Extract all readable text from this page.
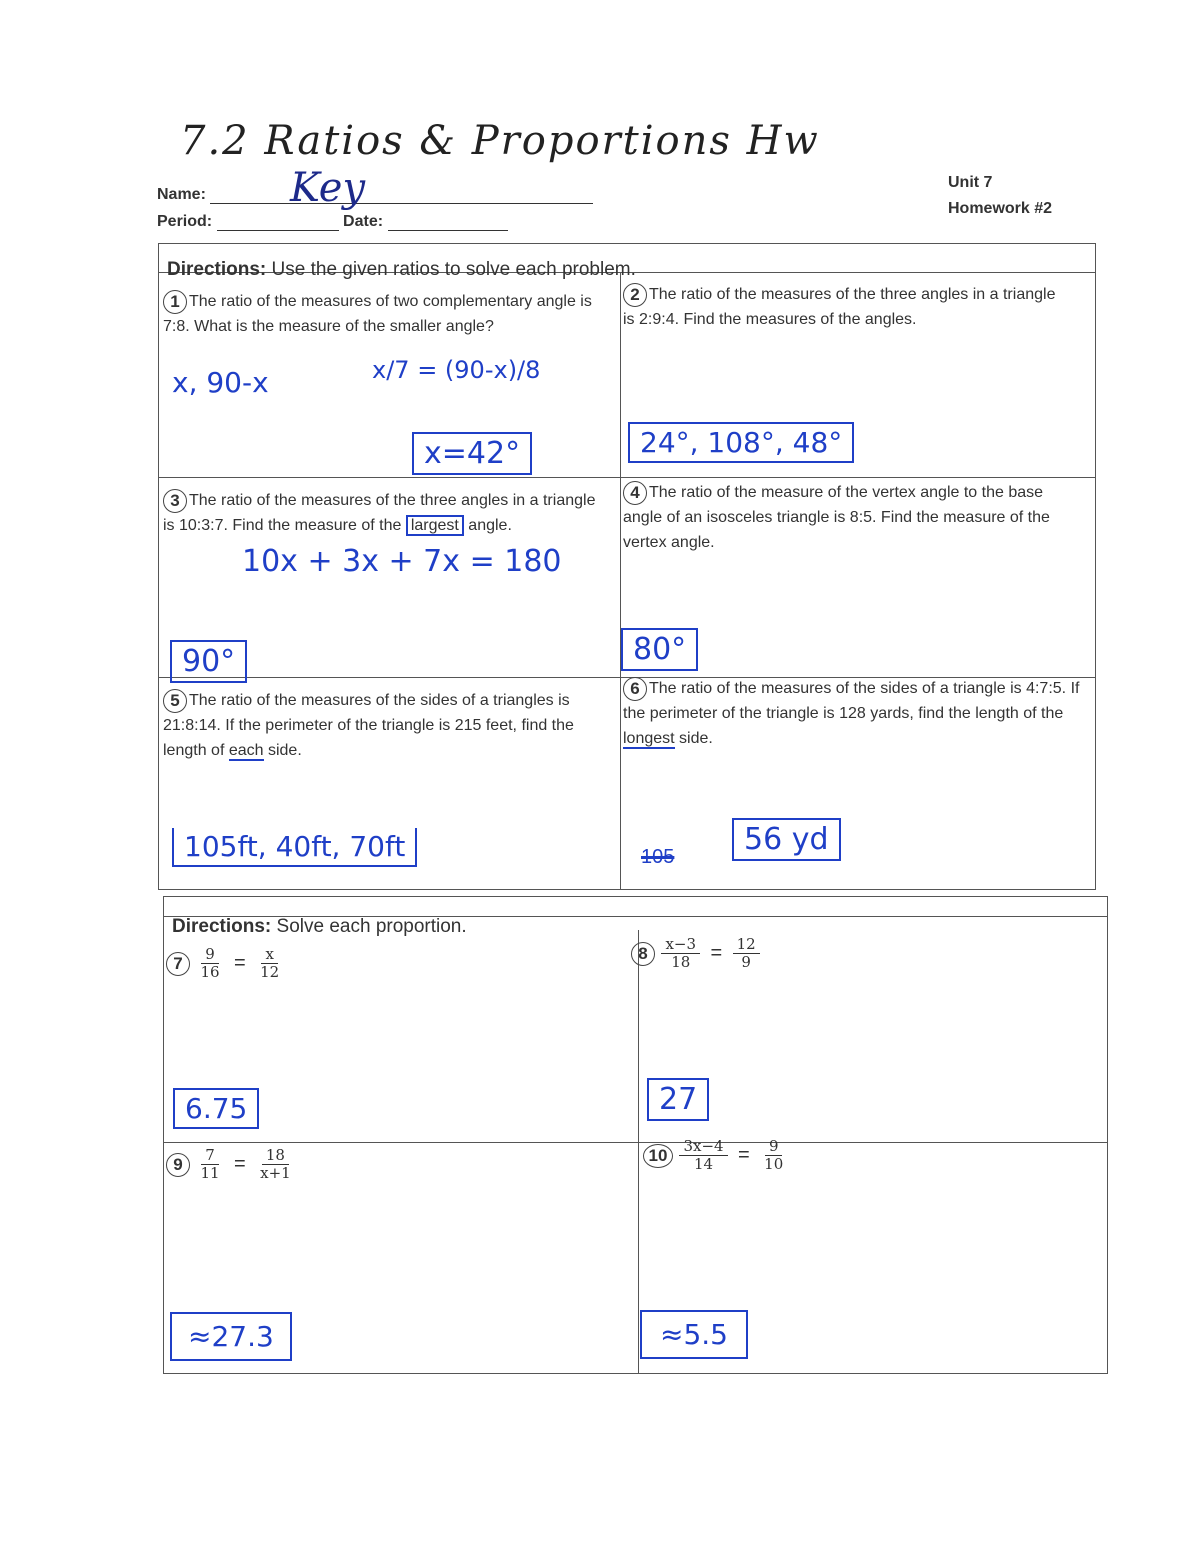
7.2 Ratios & Proportions Hw
Name:	Key
Period:	Date:
Unit 7
Homework #2
Directions: Use the given ratios to solve each problem.
1 The ratio of the measures of two complementary angle is 7:8. What is the measure of the smaller angle?
x, 90-x	x/7 = (90-x)/8
x=42°
2 The ratio of the measures of the three angles in a triangle is 2:9:4. Find the measures of the angles.
24°, 108°, 48°
3 The ratio of the measures of the three angles in a triangle is 10:3:7. Find the measure of the largest angle.
10x + 3x + 7x = 180
90°
4 The ratio of the measure of the vertex angle to the base angle of an isosceles triangle is 8:5. Find the measure of the vertex angle.
80°
5 The ratio of the measures of the sides of a triangles is 21:8:14. If the perimeter of the triangle is 215 feet, find the length of each side.
105ft, 40ft, 70ft
6 The ratio of the measures of the sides of a triangle is 4:7:5. If the perimeter of the triangle is 128 yards, find the length of the longest side.
105	56 yd
Directions: Solve each proportion.
$7 \frac{9}{16} = \frac{x}{12}$
6.75
$8 \frac{x-3}{18} = \frac{12}{9}$
27
$9 \frac{7}{11} = \frac{18}{x+1}$
≈27.3
$10 \frac{3x-4}{14} = \frac{9}{10}$
≈5.5
